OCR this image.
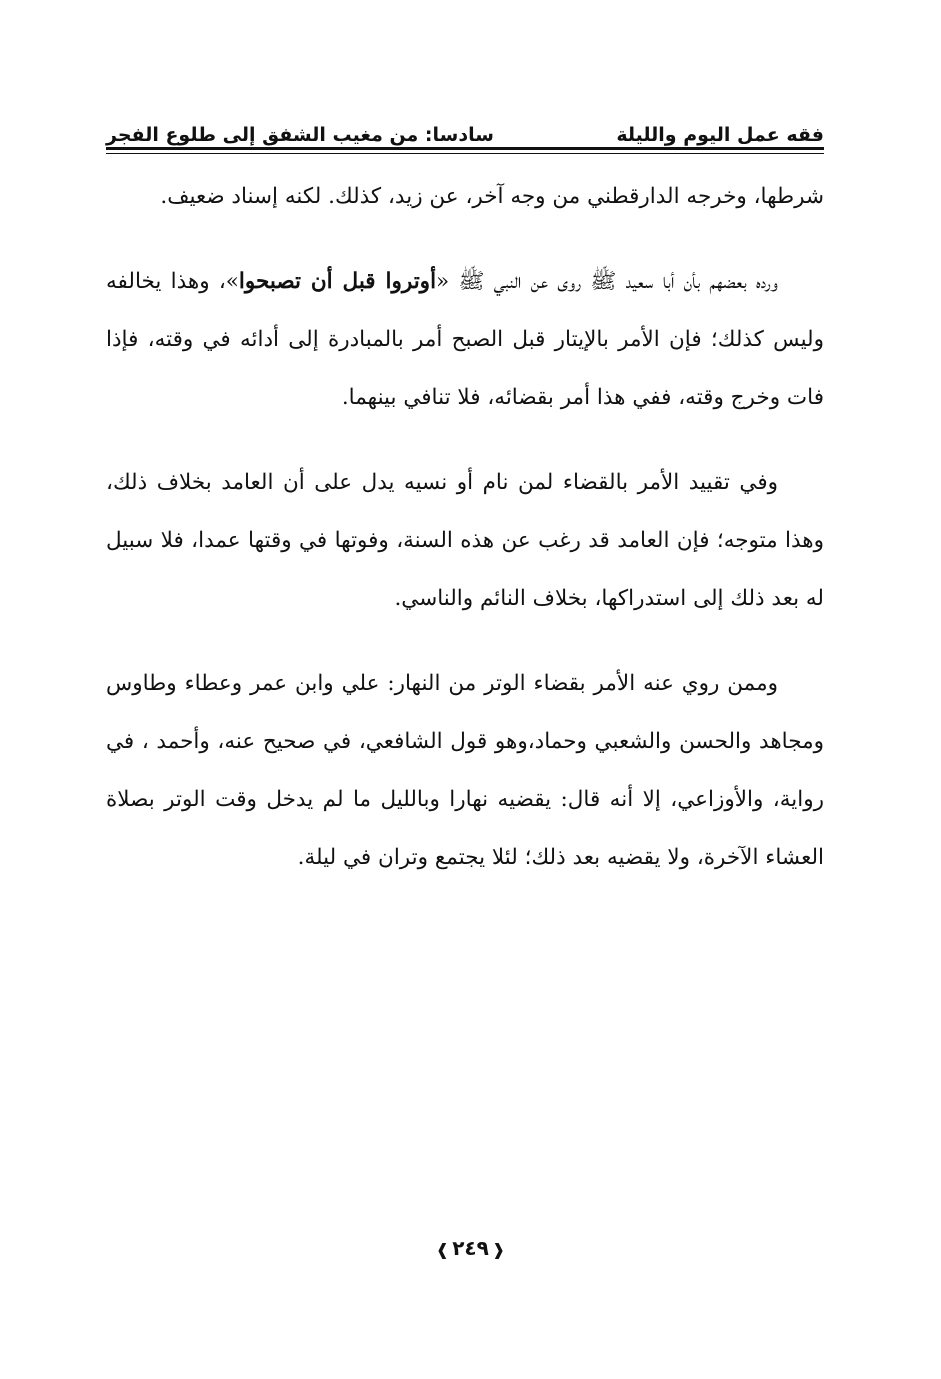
فقه عمل اليوم والليلة
سادسا: من مغيب الشفق إلى طلوع الفجر

شرطها، وخرجه الدارقطني من وجه آخر، عن زيد، كذلك. لكنه إسناد ضعيف.

ورده بعضهم بأن أبا سعيد ﷺ روى عن النبي ﷺ «أوتروا قبل أن تصبحوا»، وهذا يخالفه وليس كذلك؛ فإن الأمر بالإيتار قبل الصبح أمر بالمبادرة إلى أدائه في وقته، فإذا فات وخرج وقته، ففي هذا أمر بقضائه، فلا تنافي بينهما.

وفي تقييد الأمر بالقضاء لمن نام أو نسيه يدل على أن العامد بخلاف ذلك، وهذا متوجه؛ فإن العامد قد رغب عن هذه السنة، وفوتها في وقتها عمدا، فلا سبيل له بعد ذلك إلى استدراكها، بخلاف النائم والناسي.

وممن روي عنه الأمر بقضاء الوتر من النهار: علي وابن عمر وعطاء وطاوس ومجاهد والحسن والشعبي وحماد،وهو قول الشافعي، في صحيح عنه، وأحمد ، في رواية، والأوزاعي، إلا أنه قال: يقضيه نهارا وبالليل ما لم يدخل وقت الوتر بصلاة العشاء الآخرة، ولا يقضيه بعد ذلك؛ لئلا يجتمع وتران في ليلة.

❰ ٢٤٩ ❱
